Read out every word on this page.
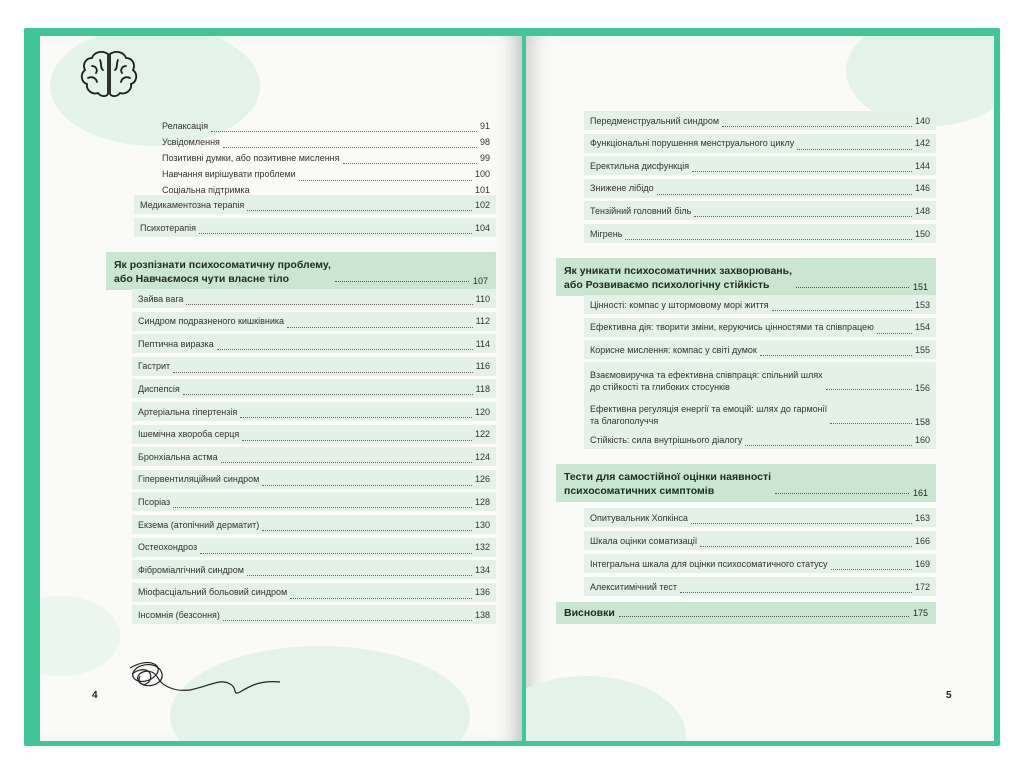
Релаксація	91
Усвідомлення	98
Позитивні думки, або позитивне мислення	99
Навчання вирішувати проблеми	100
Соціальна підтримка	101
Медикаментозна терапія	102
Психотерапія	104
Як розпізнати психосоматичну проблему,
або Навчаємося чути власне тіло	107
Зайва вага	110
Синдром подразненого кишківника	112
Пептична виразка	114
Гастрит	116
Диспепсія	118
Артеріальна гіпертензія	120
Ішемічна хвороба серця	122
Бронхіальна астма	124
Гіпервентиляційний синдром	126
Псоріаз	128
Екзема (атопічний дерматит)	130
Остеохондроз	132
Фіброміалгічний синдром	134
Міофасціальний больовий синдром	136
Інсомнія (безсоння)	138
4
Передменструальний синдром	140
Функціональні порушення менструального циклу	142
Еректильна дисфункція	144
Знижене лібідо	146
Тензійний головний біль	148
Мігрень	150
Як уникати психосоматичних захворювань,
або Розвиваємо психологічну стійкість	151
Цінності: компас у штормовому морі життя	153
Ефективна дія: творити зміни, керуючись цінностями та співпрацею	154
Корисне мислення: компас у світі думок	155
Взаємовиручка та ефективна співпраця: спільний шлях
до стійкості та глибоких стосунків	156
Ефективна регуляція енергії та емоцій: шлях до гармонії
та благополуччя	158
Стійкість: сила внутрішнього діалогу	160
Тести для самостійної оцінки наявності
психосоматичних симптомів	161
Опитувальник Хопкінса	163
Шкала оцінки соматизації	166
Інтегральна шкала для оцінки психосоматичного статусу	169
Алекситимічний тест	172
Висновки	175
5
